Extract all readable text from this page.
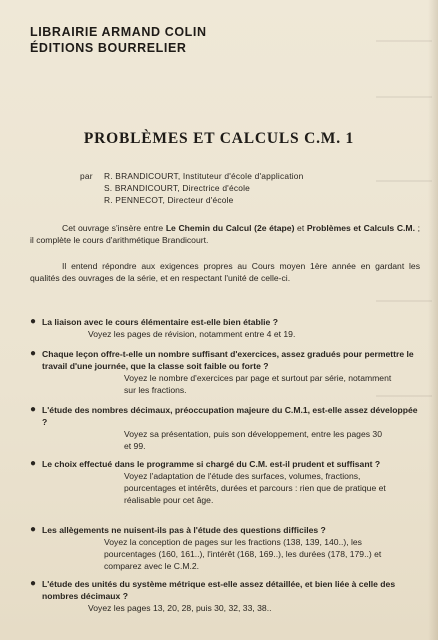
LIBRAIRIE ARMAND COLIN
ÉDITIONS BOURRELIER
PROBLÈMES ET CALCULS C.M. 1
par R. BRANDICOURT, Instituteur d'école d'application
S. BRANDICOURT, Directrice d'école
R. PENNECOT, Directeur d'école
Cet ouvrage s'insère entre Le Chemin du Calcul (2e étape) et Problèmes et Calculs C.M. ; il complète le cours d'arithmétique Brandicourt.
Il entend répondre aux exigences propres au Cours moyen 1ère année en gardant les qualités des ouvrages de la série, et en respectant l'unité de celle-ci.
● La liaison avec le cours élémentaire est-elle bien établie ?
Voyez les pages de révision, notamment entre 4 et 19.
● Chaque leçon offre-t-elle un nombre suffisant d'exercices, assez gradués pour permettre le travail d'une journée, que la classe soit faible ou forte ?
Voyez le nombre d'exercices par page et surtout par série, notamment sur les fractions.
● L'étude des nombres décimaux, préoccupation majeure du C.M.1, est-elle assez développée ?
Voyez sa présentation, puis son développement, entre les pages 30 et 99.
● Le choix effectué dans le programme si chargé du C.M. est-il prudent et suffisant ?
Voyez l'adaptation de l'étude des surfaces, volumes, fractions, pourcentages et intérêts, durées et parcours : rien que de pratique et réalisable pour cet âge.
● Les allègements ne nuisent-ils pas à l'étude des questions difficiles ?
Voyez la conception de pages sur les fractions (138, 139, 140..), les pourcentages (160, 161..), l'intérêt (168, 169..), les durées (178, 179..) et comparez avec le C.M.2.
● L'étude des unités du système métrique est-elle assez détaillée, et bien liée à celle des nombres décimaux ?
Voyez les pages 13, 20, 28, puis 30, 32, 33, 38..
